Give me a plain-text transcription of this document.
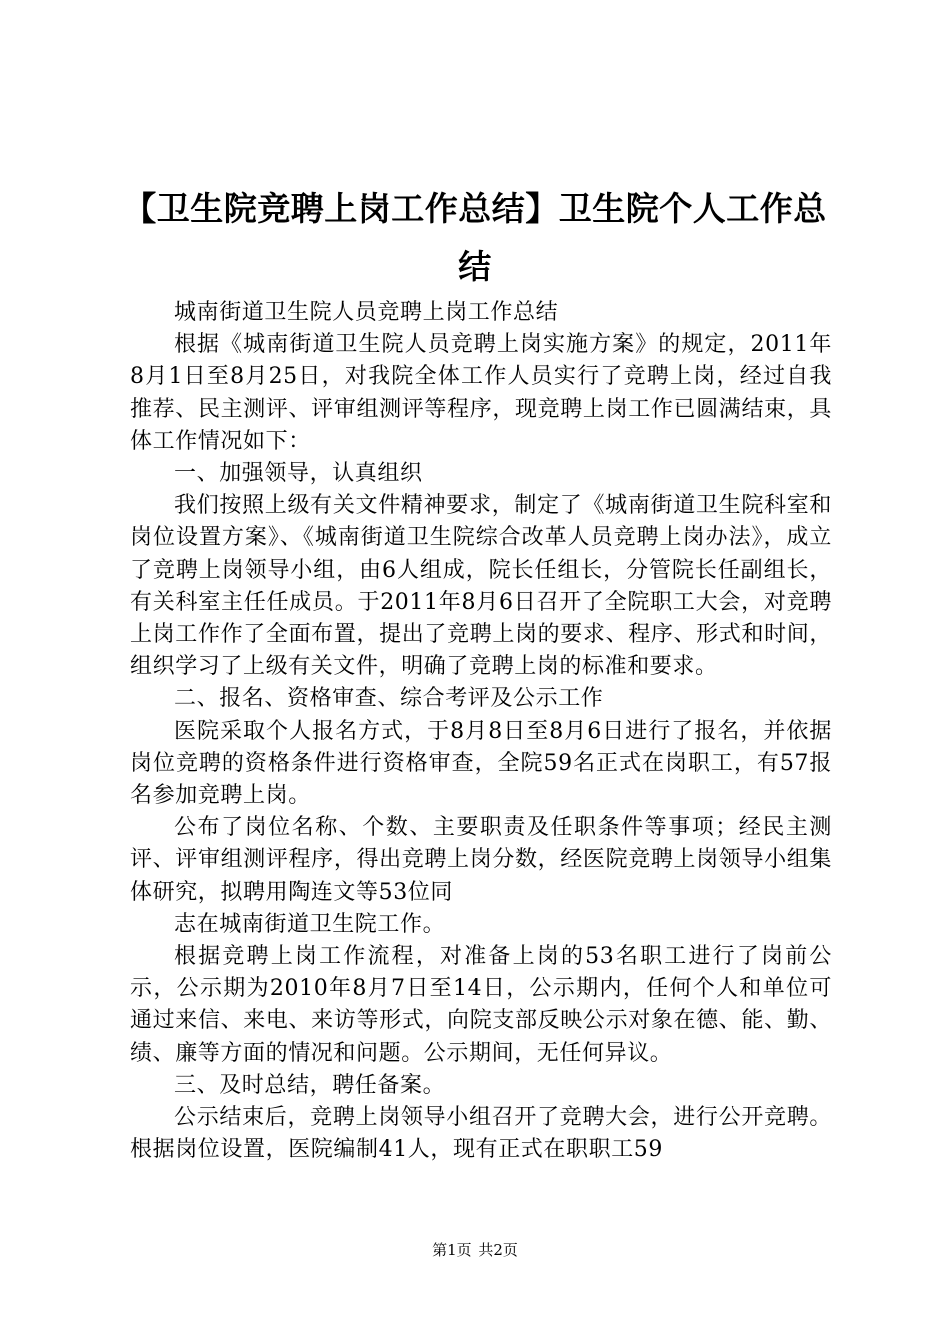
【卫生院竞聘上岗工作总结】卫生院个人工作总结

城南街道卫生院人员竞聘上岗工作总结

根据《城南街道卫生院人员竞聘上岗实施方案》的规定，2011年8月1日至8月25日，对我院全体工作人员实行了竞聘上岗，经过自我推荐、民主测评、评审组测评等程序，现竞聘上岗工作已圆满结束，具体工作情况如下：

一、加强领导，认真组织

我们按照上级有关文件精神要求，制定了《城南街道卫生院科室和岗位设置方案》、《城南街道卫生院综合改革人员竞聘上岗办法》，成立了竞聘上岗领导小组，由6人组成，院长任组长，分管院长任副组长，有关科室主任任成员。于2011年8月6日召开了全院职工大会，对竞聘上岗工作作了全面布置，提出了竞聘上岗的要求、程序、形式和时间，组织学习了上级有关文件，明确了竞聘上岗的标准和要求。

二、报名、资格审查、综合考评及公示工作

医院采取个人报名方式，于8月8日至8月6日进行了报名，并依据岗位竞聘的资格条件进行资格审查，全院59名正式在岗职工，有57报名参加竞聘上岗。

公布了岗位名称、个数、主要职责及任职条件等事项；经民主测评、评审组测评程序，得出竞聘上岗分数，经医院竞聘上岗领导小组集体研究，拟聘用陶连文等53位同

志在城南街道卫生院工作。

根据竞聘上岗工作流程，对准备上岗的53名职工进行了岗前公示，公示期为2010年8月7日至14日，公示期内，任何个人和单位可通过来信、来电、来访等形式，向院支部反映公示对象在德、能、勤、绩、廉等方面的情况和问题。公示期间，无任何异议。

三、及时总结，聘任备案。

公示结束后，竞聘上岗领导小组召开了竞聘大会，进行公开竞聘。根据岗位设置，医院编制41人，现有正式在职职工59

第1页 共2页
